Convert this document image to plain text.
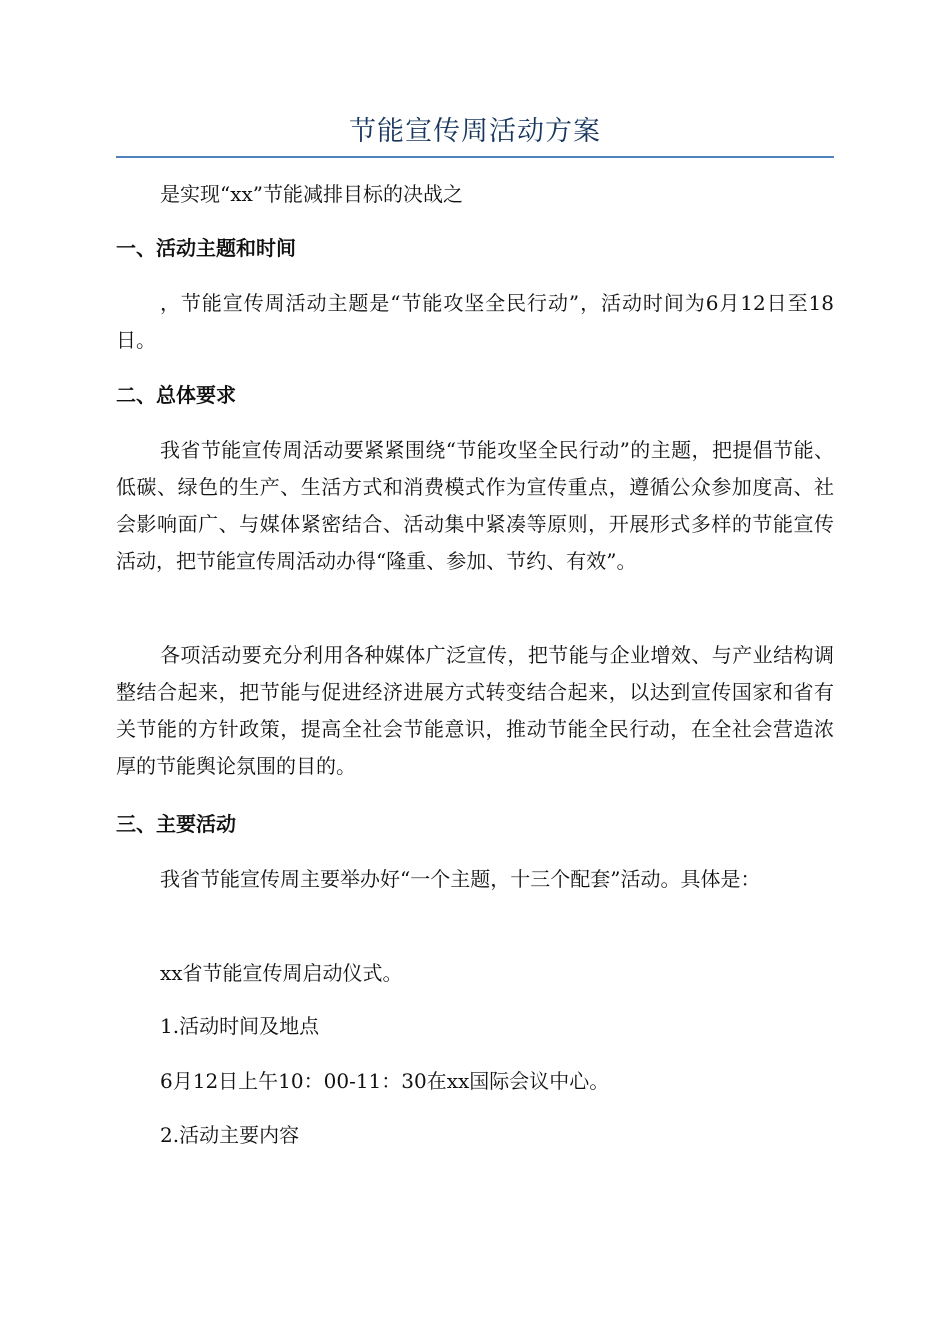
节能宣传周活动方案

是实现“xx”节能减排目标的决战之

一、活动主题和时间

，节能宣传周活动主题是“节能攻坚全民行动”，活动时间为6月12日至18日。

二、总体要求

我省节能宣传周活动要紧紧围绕“节能攻坚全民行动”的主题，把提倡节能、低碳、绿色的生产、生活方式和消费模式作为宣传重点，遵循公众参加度高、社会影响面广、与媒体紧密结合、活动集中紧凑等原则，开展形式多样的节能宣传活动，把节能宣传周活动办得“隆重、参加、节约、有效”。

各项活动要充分利用各种媒体广泛宣传，把节能与企业增效、与产业结构调整结合起来，把节能与促进经济进展方式转变结合起来，以达到宣传国家和省有关节能的方针政策，提高全社会节能意识，推动节能全民行动，在全社会营造浓厚的节能舆论氛围的目的。

三、主要活动

我省节能宣传周主要举办好“一个主题，十三个配套”活动。具体是：

xx省节能宣传周启动仪式。

1.活动时间及地点

6月12日上午10：00-11：30在xx国际会议中心。

2.活动主要内容
